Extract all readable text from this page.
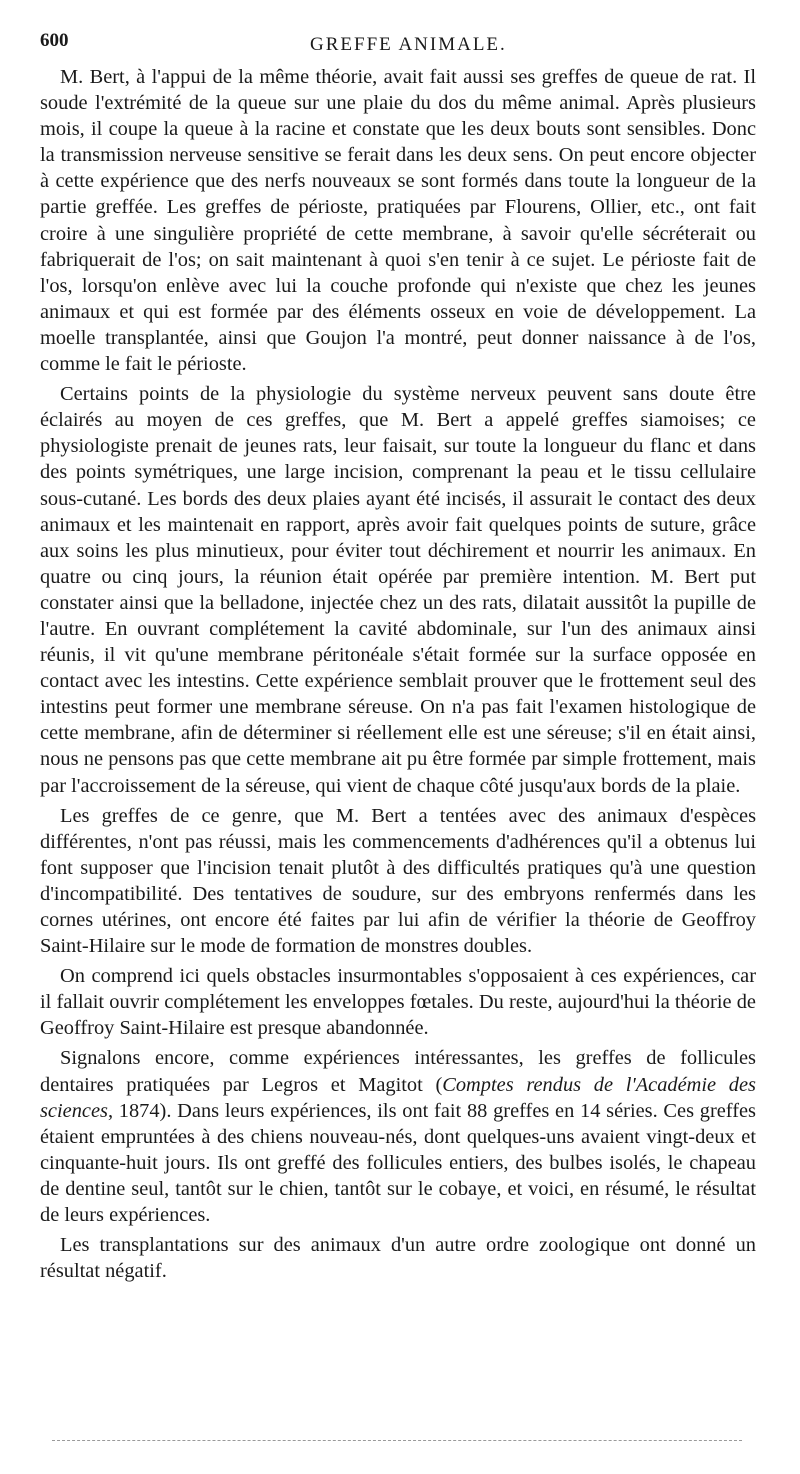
600	GREFFE ANIMALE.

M. Bert, à l'appui de la même théorie, avait fait aussi ses greffes de queue de rat. Il soude l'extrémité de la queue sur une plaie du dos du même animal. Après plusieurs mois, il coupe la queue à la racine et constate que les deux bouts sont sensibles. Donc la transmission nerveuse sensitive se ferait dans les deux sens. On peut encore objecter à cette expérience que des nerfs nouveaux se sont formés dans toute la longueur de la partie greffée. Les greffes de périoste, pratiquées par Flourens, Ollier, etc., ont fait croire à une singulière propriété de cette membrane, à savoir qu'elle sécréterait ou fabriquerait de l'os; on sait maintenant à quoi s'en tenir à ce sujet. Le périoste fait de l'os, lorsqu'on enlève avec lui la couche profonde qui n'existe que chez les jeunes animaux et qui est formée par des éléments osseux en voie de développement. La moelle transplantée, ainsi que Goujon l'a montré, peut donner naissance à de l'os, comme le fait le périoste.

Certains points de la physiologie du système nerveux peuvent sans doute être éclairés au moyen de ces greffes, que M. Bert a appelé greffes siamoises; ce physiologiste prenait de jeunes rats, leur faisait, sur toute la longueur du flanc et dans des points symétriques, une large incision, comprenant la peau et le tissu cellulaire sous-cutané. Les bords des deux plaies ayant été incisés, il assurait le contact des deux animaux et les maintenait en rapport, après avoir fait quelques points de suture, grâce aux soins les plus minutieux, pour éviter tout déchirement et nourrir les animaux. En quatre ou cinq jours, la réunion était opérée par première intention. M. Bert put constater ainsi que la belladone, injectée chez un des rats, dilatait aussitôt la pupille de l'autre. En ouvrant complétement la cavité abdominale, sur l'un des animaux ainsi réunis, il vit qu'une membrane péritonéale s'était formée sur la surface opposée en contact avec les intestins. Cette expérience semblait prouver que le frottement seul des intestins peut former une membrane séreuse. On n'a pas fait l'examen histologique de cette membrane, afin de déterminer si réellement elle est une séreuse; s'il en était ainsi, nous ne pensons pas que cette membrane ait pu être formée par simple frottement, mais par l'accroissement de la séreuse, qui vient de chaque côté jusqu'aux bords de la plaie.

Les greffes de ce genre, que M. Bert a tentées avec des animaux d'espèces différentes, n'ont pas réussi, mais les commencements d'adhérences qu'il a obtenus lui font supposer que l'incision tenait plutôt à des difficultés pratiques qu'à une question d'incompatibilité. Des tentatives de soudure, sur des embryons renfermés dans les cornes utérines, ont encore été faites par lui afin de vérifier la théorie de Geoffroy Saint-Hilaire sur le mode de formation de monstres doubles.

On comprend ici quels obstacles insurmontables s'opposaient à ces expériences, car il fallait ouvrir complétement les enveloppes fœtales. Du reste, aujourd'hui la théorie de Geoffroy Saint-Hilaire est presque abandonnée.

Signalons encore, comme expériences intéressantes, les greffes de follicules dentaires pratiquées par Legros et Magitot (Comptes rendus de l'Académie des sciences, 1874). Dans leurs expériences, ils ont fait 88 greffes en 14 séries. Ces greffes étaient empruntées à des chiens nouveau-nés, dont quelques-uns avaient vingt-deux et cinquante-huit jours. Ils ont greffé des follicules entiers, des bulbes isolés, le chapeau de dentine seul, tantôt sur le chien, tantôt sur le cobaye, et voici, en résumé, le résultat de leurs expériences.

Les transplantations sur des animaux d'un autre ordre zoologique ont donné un résultat négatif.
